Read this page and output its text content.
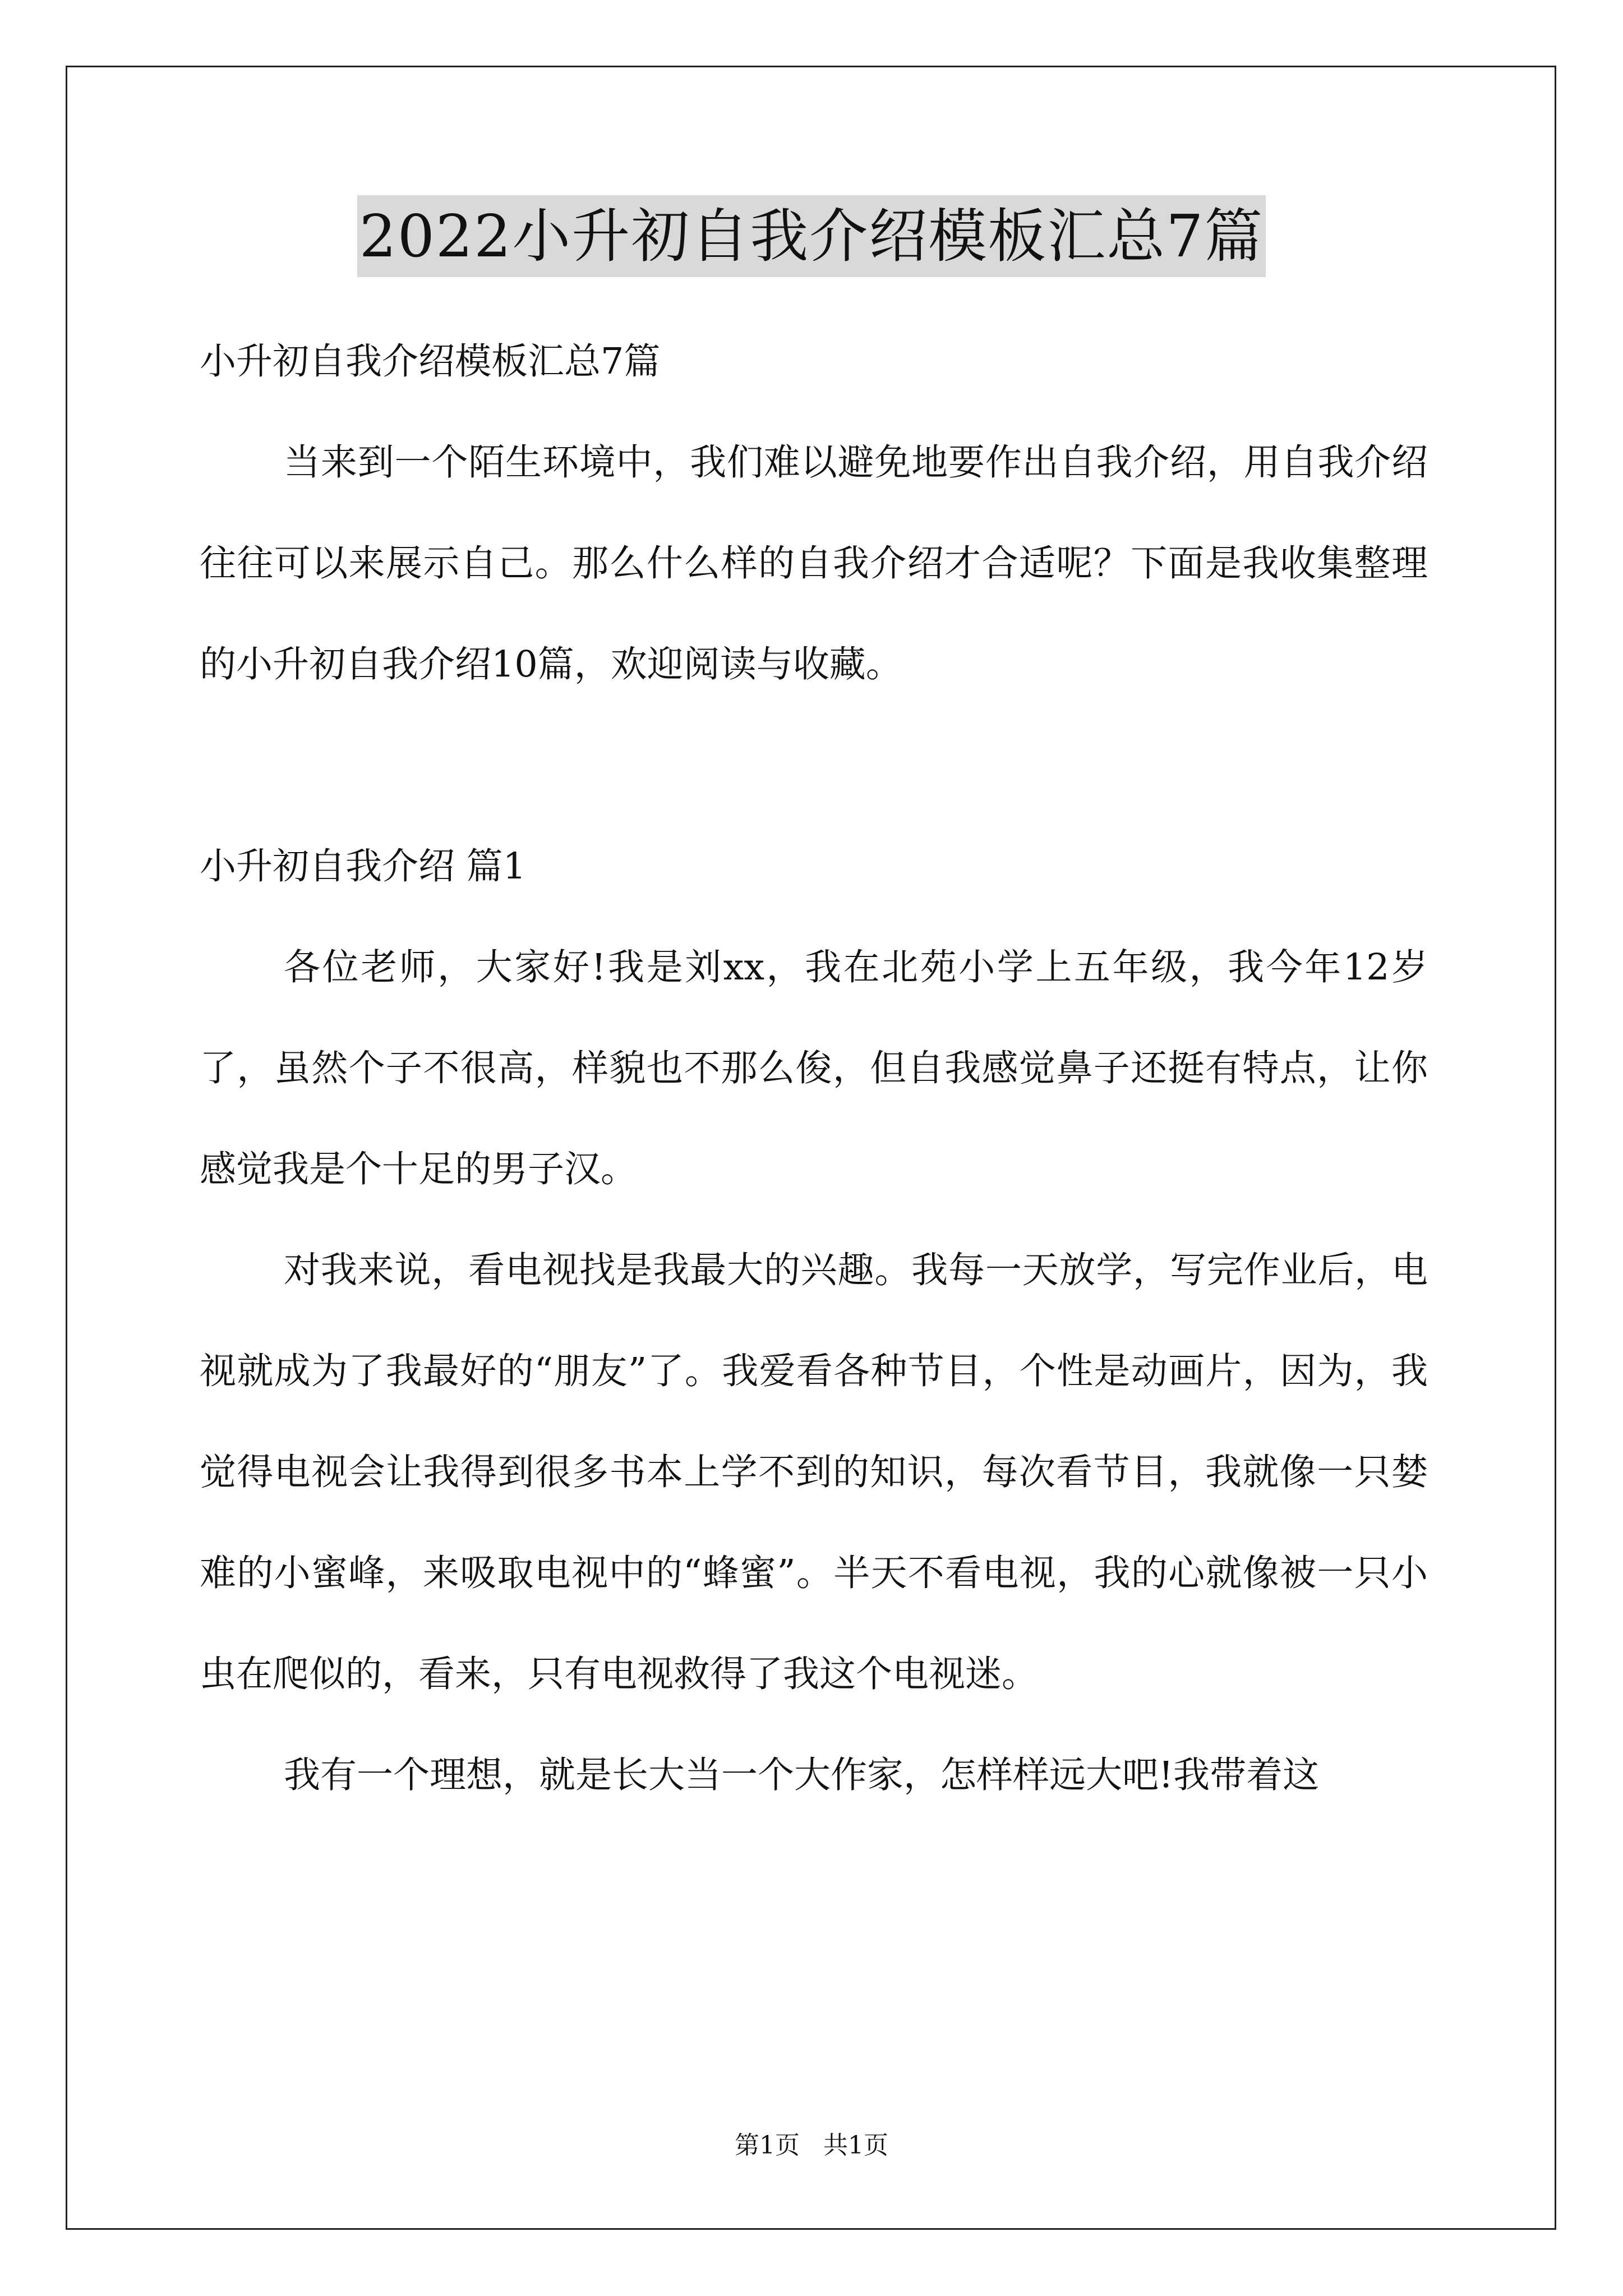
2022小升初自我介绍模板汇总7篇

小升初自我介绍模板汇总7篇

当来到一个陌生环境中，我们难以避免地要作出自我介绍，用自我介绍往往可以来展示自己。那么什么样的自我介绍才合适呢？下面是我收集整理的小升初自我介绍10篇，欢迎阅读与收藏。

小升初自我介绍 篇1

各位老师，大家好!我是刘xx，我在北苑小学上五年级，我今年12岁了，虽然个子不很高，样貌也不那么俊，但自我感觉鼻子还挺有特点，让你感觉我是个十足的男子汉。

对我来说，看电视找是我最大的兴趣。我每一天放学，写完作业后，电视就成为了我最好的“朋友”了。我爱看各种节目，个性是动画片，因为，我觉得电视会让我得到很多书本上学不到的知识，每次看节目，我就像一只婪难的小蜜峰，来吸取电视中的“蜂蜜”。半天不看电视，我的心就像被一只小虫在爬似的，看来，只有电视救得了我这个电视迷。

我有一个理想，就是长大当一个大作家，怎样样远大吧!我带着这

第1页 共1页
